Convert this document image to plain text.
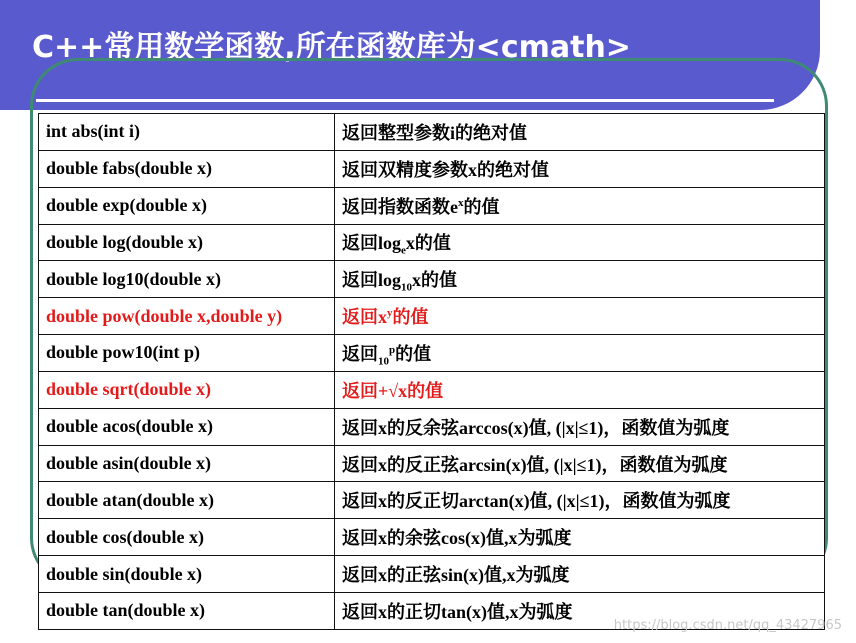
C++常用数学函数,所在函数库为<cmath>
int abs(int i)	返回整型参数i的绝对值
double fabs(double x)	返回双精度参数x的绝对值
double exp(double x)	返回指数函数$e^x$的值
double log(double x)	返回$\log_ex$的值
double log10(double x)	返回$\log_{10}x$的值
double pow(double x,double y)	返回$x^y$的值
double pow10(int p)	返回$_{10}^p$的值
double sqrt(double x)	返回+√x的值
double acos(double x)	返回x的反余弦arccos(x)值, (|x|≤1)，函数值为弧度
double asin(double x)	返回x的反正弦arcsin(x)值, (|x|≤1)，函数值为弧度
double atan(double x)	返回x的反正切arctan(x)值, (|x|≤1)，函数值为弧度
double cos(double x)	返回x的余弦cos(x)值,x为弧度
double sin(double x)	返回x的正弦sin(x)值,x为弧度
double tan(double x)	返回x的正切tan(x)值,x为弧度
https://blog.csdn.net/qq_43427965
